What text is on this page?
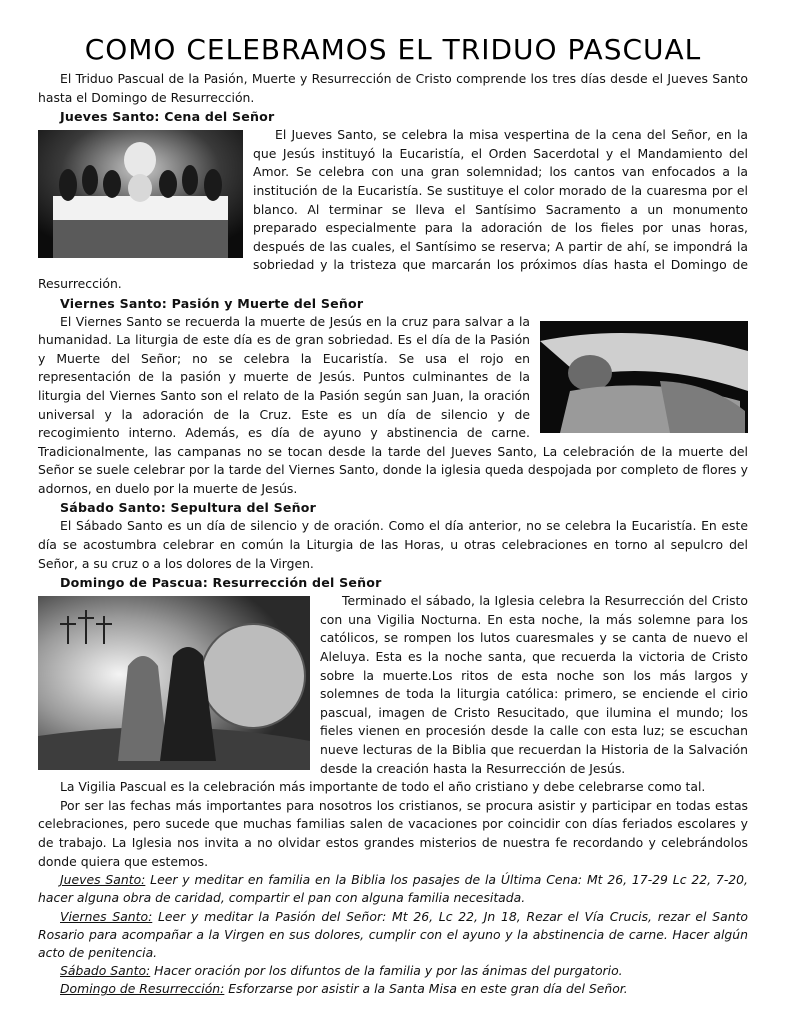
COMO CELEBRAMOS EL TRIDUO PASCUAL

El Triduo Pascual de la Pasión, Muerte y Resurrección de Cristo comprende los tres días desde el Jueves Santo hasta el Domingo de Resurrección.

Jueves Santo: Cena del Señor

El Jueves Santo, se celebra la misa vespertina de la cena del Señor, en la que Jesús instituyó la Eucaristía, el Orden Sacerdotal y el Mandamiento del Amor. Se celebra con una gran solemnidad; los cantos van enfocados a la institución de la Eucaristía. Se sustituye el color morado de la cuaresma por el blanco. Al terminar se lleva el Santísimo Sacramento a un monumento preparado especialmente para la adoración de los fieles por unas horas, después de las cuales, el Santísimo se reserva; A partir de ahí, se impondrá la sobriedad y la tristeza que marcarán los próximos días hasta el Domingo de Resurrección.

Viernes Santo: Pasión y Muerte del Señor

El Viernes Santo se recuerda la muerte de Jesús en la cruz para salvar a la humanidad. La liturgia de este día es de gran sobriedad. Es el día de la Pasión y Muerte del Señor; no se celebra la Eucaristía. Se usa el rojo en representación de la pasión y muerte de Jesús. Puntos culminantes de la liturgia del Viernes Santo son el relato de la Pasión según san Juan, la oración universal y la adoración de la Cruz. Este es un día de silencio y de recogimiento interno. Además, es día de ayuno y abstinencia de carne. Tradicionalmente, las campanas no se tocan desde la tarde del Jueves Santo, La celebración de la muerte del Señor se suele celebrar por la tarde del Viernes Santo, donde la iglesia queda despojada por completo de flores y adornos, en duelo por la muerte de Jesús.

Sábado Santo: Sepultura del Señor

El Sábado Santo es un día de silencio y de oración. Como el día anterior, no se celebra la Eucaristía. En este día se acostumbra celebrar en común la Liturgia de las Horas, u otras celebraciones en torno al sepulcro del Señor, a su cruz o a los dolores de la Virgen.

Domingo de Pascua: Resurrección del Señor

Terminado el sábado, la Iglesia celebra la Resurrección del Cristo con una Vigilia Nocturna. En esta noche, la más solemne para los católicos, se rompen los lutos cuaresmales y se canta de nuevo el Aleluya. Esta es la noche santa, que recuerda la victoria de Cristo sobre la muerte.Los ritos de esta noche son los más largos y solemnes de toda la liturgia católica: primero, se enciende el cirio pascual, imagen de Cristo Resucitado, que ilumina el mundo; los fieles vienen en procesión desde la calle con esta luz; se escuchan nueve lecturas de la Biblia que recuerdan la Historia de la Salvación desde la creación hasta la Resurrección de Jesús.

La Vigilia Pascual es la celebración más importante de todo el año cristiano y debe celebrarse como tal.

Por ser las fechas más importantes para nosotros los cristianos, se procura asistir y participar en todas estas celebraciones, pero sucede que muchas familias salen de vacaciones por coincidir con días feriados escolares y de trabajo. La Iglesia nos invita a no olvidar estos grandes misterios de nuestra fe recordando y celebrándolos donde quiera que estemos.

Jueves Santo: Leer y meditar en familia en la Biblia los pasajes de la Última Cena: Mt 26, 17-29 Lc 22, 7-20, hacer alguna obra de caridad, compartir el pan con alguna familia necesitada.

Viernes Santo: Leer y meditar la Pasión del Señor: Mt 26, Lc 22, Jn 18, Rezar el Vía Crucis, rezar el Santo Rosario para acompañar a la Virgen en sus dolores, cumplir con el ayuno y la abstinencia de carne. Hacer algún acto de penitencia.

Sábado Santo: Hacer oración por los difuntos de la familia y por las ánimas del purgatorio.

Domingo de Resurrección: Esforzarse por asistir a la Santa Misa en este gran día del Señor.
